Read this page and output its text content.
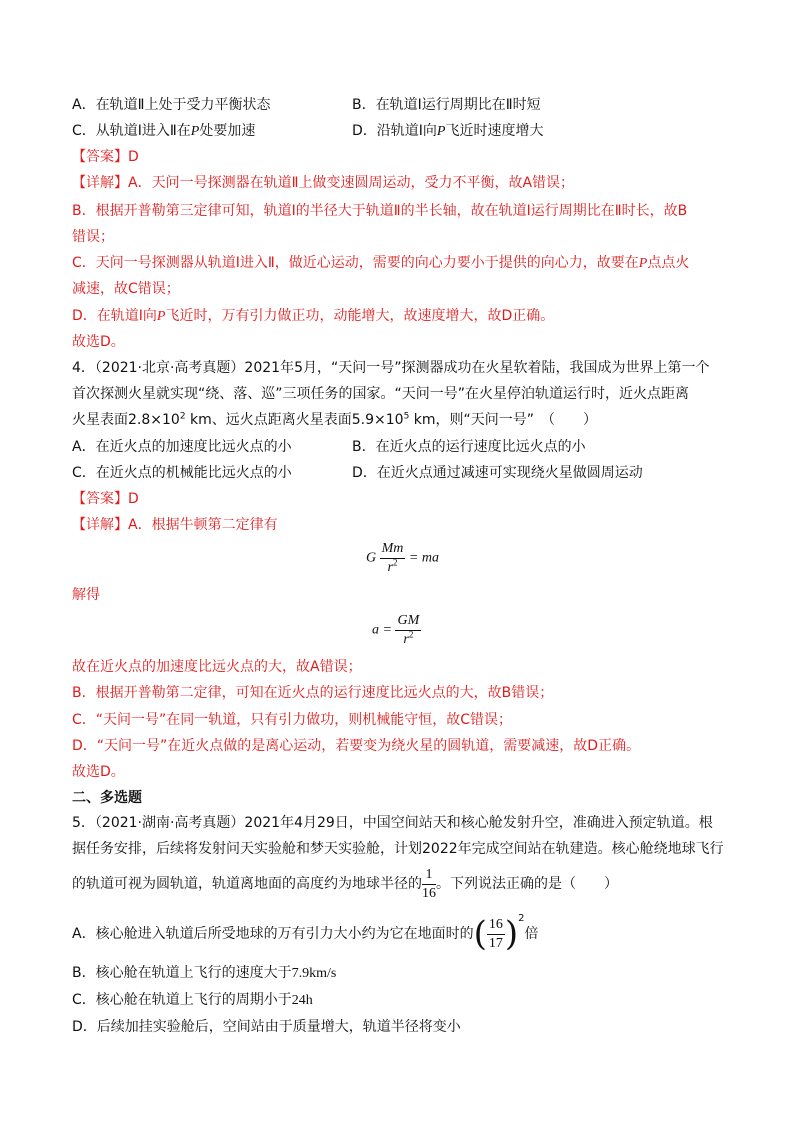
A．在轨道Ⅱ上处于受力平衡状态	B．在轨道Ⅰ运行周期比在Ⅱ时短
C．从轨道Ⅰ进入Ⅱ在P处要加速	D．沿轨道Ⅰ向P飞近时速度增大
【答案】D
【详解】A．天问一号探测器在轨道Ⅱ上做变速圆周运动，受力不平衡，故A错误；
B．根据开普勒第三定律可知，轨道Ⅰ的半径大于轨道Ⅱ的半长轴，故在轨道Ⅰ运行周期比在Ⅱ时长，故B
错误；
C．天问一号探测器从轨道Ⅰ进入Ⅱ，做近心运动，需要的向心力要小于提供的向心力，故要在P点点火
减速，故C错误；
D．在轨道Ⅰ向P飞近时，万有引力做正功，动能增大，故速度增大，故D正确。
故选D。
4．（2021·北京·高考真题）2021年5月，“天问一号”探测器成功在火星软着陆，我国成为世界上第一个
首次探测火星就实现“绕、落、巡”三项任务的国家。“天问一号”在火星停泊轨道运行时，近火点距离
火星表面$2.8\times 10^2$ km、远火点距离火星表面$5.9\times 10^5$ km，则“天问一号”　（　　）
A．在近火点的加速度比远火点的小	B．在近火点的运行速度比远火点的小
C．在近火点的机械能比远火点的小	D．在近火点通过减速可实现绕火星做圆周运动
【答案】D
【详解】A．根据牛顿第二定律有
G $\frac{Mm}{r^2}$ = ma
解得
$a = \frac{GM}{r^2}$
故在近火点的加速度比远火点的大，故A错误；
B．根据开普勒第二定律，可知在近火点的运行速度比远火点的大，故B错误；
C．“天问一号”在同一轨道，只有引力做功，则机械能守恒，故C错误；
D．“天问一号”在近火点做的是离心运动，若要变为绕火星的圆轨道，需要减速，故D正确。
故选D。
二、多选题
5．（2021·湖南·高考真题）2021年4月29日，中国空间站天和核心舱发射升空，准确进入预定轨道。根
据任务安排，后续将发射问天实验舱和梦天实验舱，计划2022年完成空间站在轨建造。核心舱绕地球飞行
的轨道可视为圆轨道，轨道离地面的高度约为地球半径的 $\frac{1}{16}$ 。下列说法正确的是（　　）
A．核心舱进入轨道后所受地球的万有引力大小约为它在地面时的( $\frac{16}{17} )^2$倍
B．核心舱在轨道上飞行的速度大于7.9km/s
C．核心舱在轨道上飞行的周期小于24h
D．后续加挂实验舱后，空间站由于质量增大，轨道半径将变小
